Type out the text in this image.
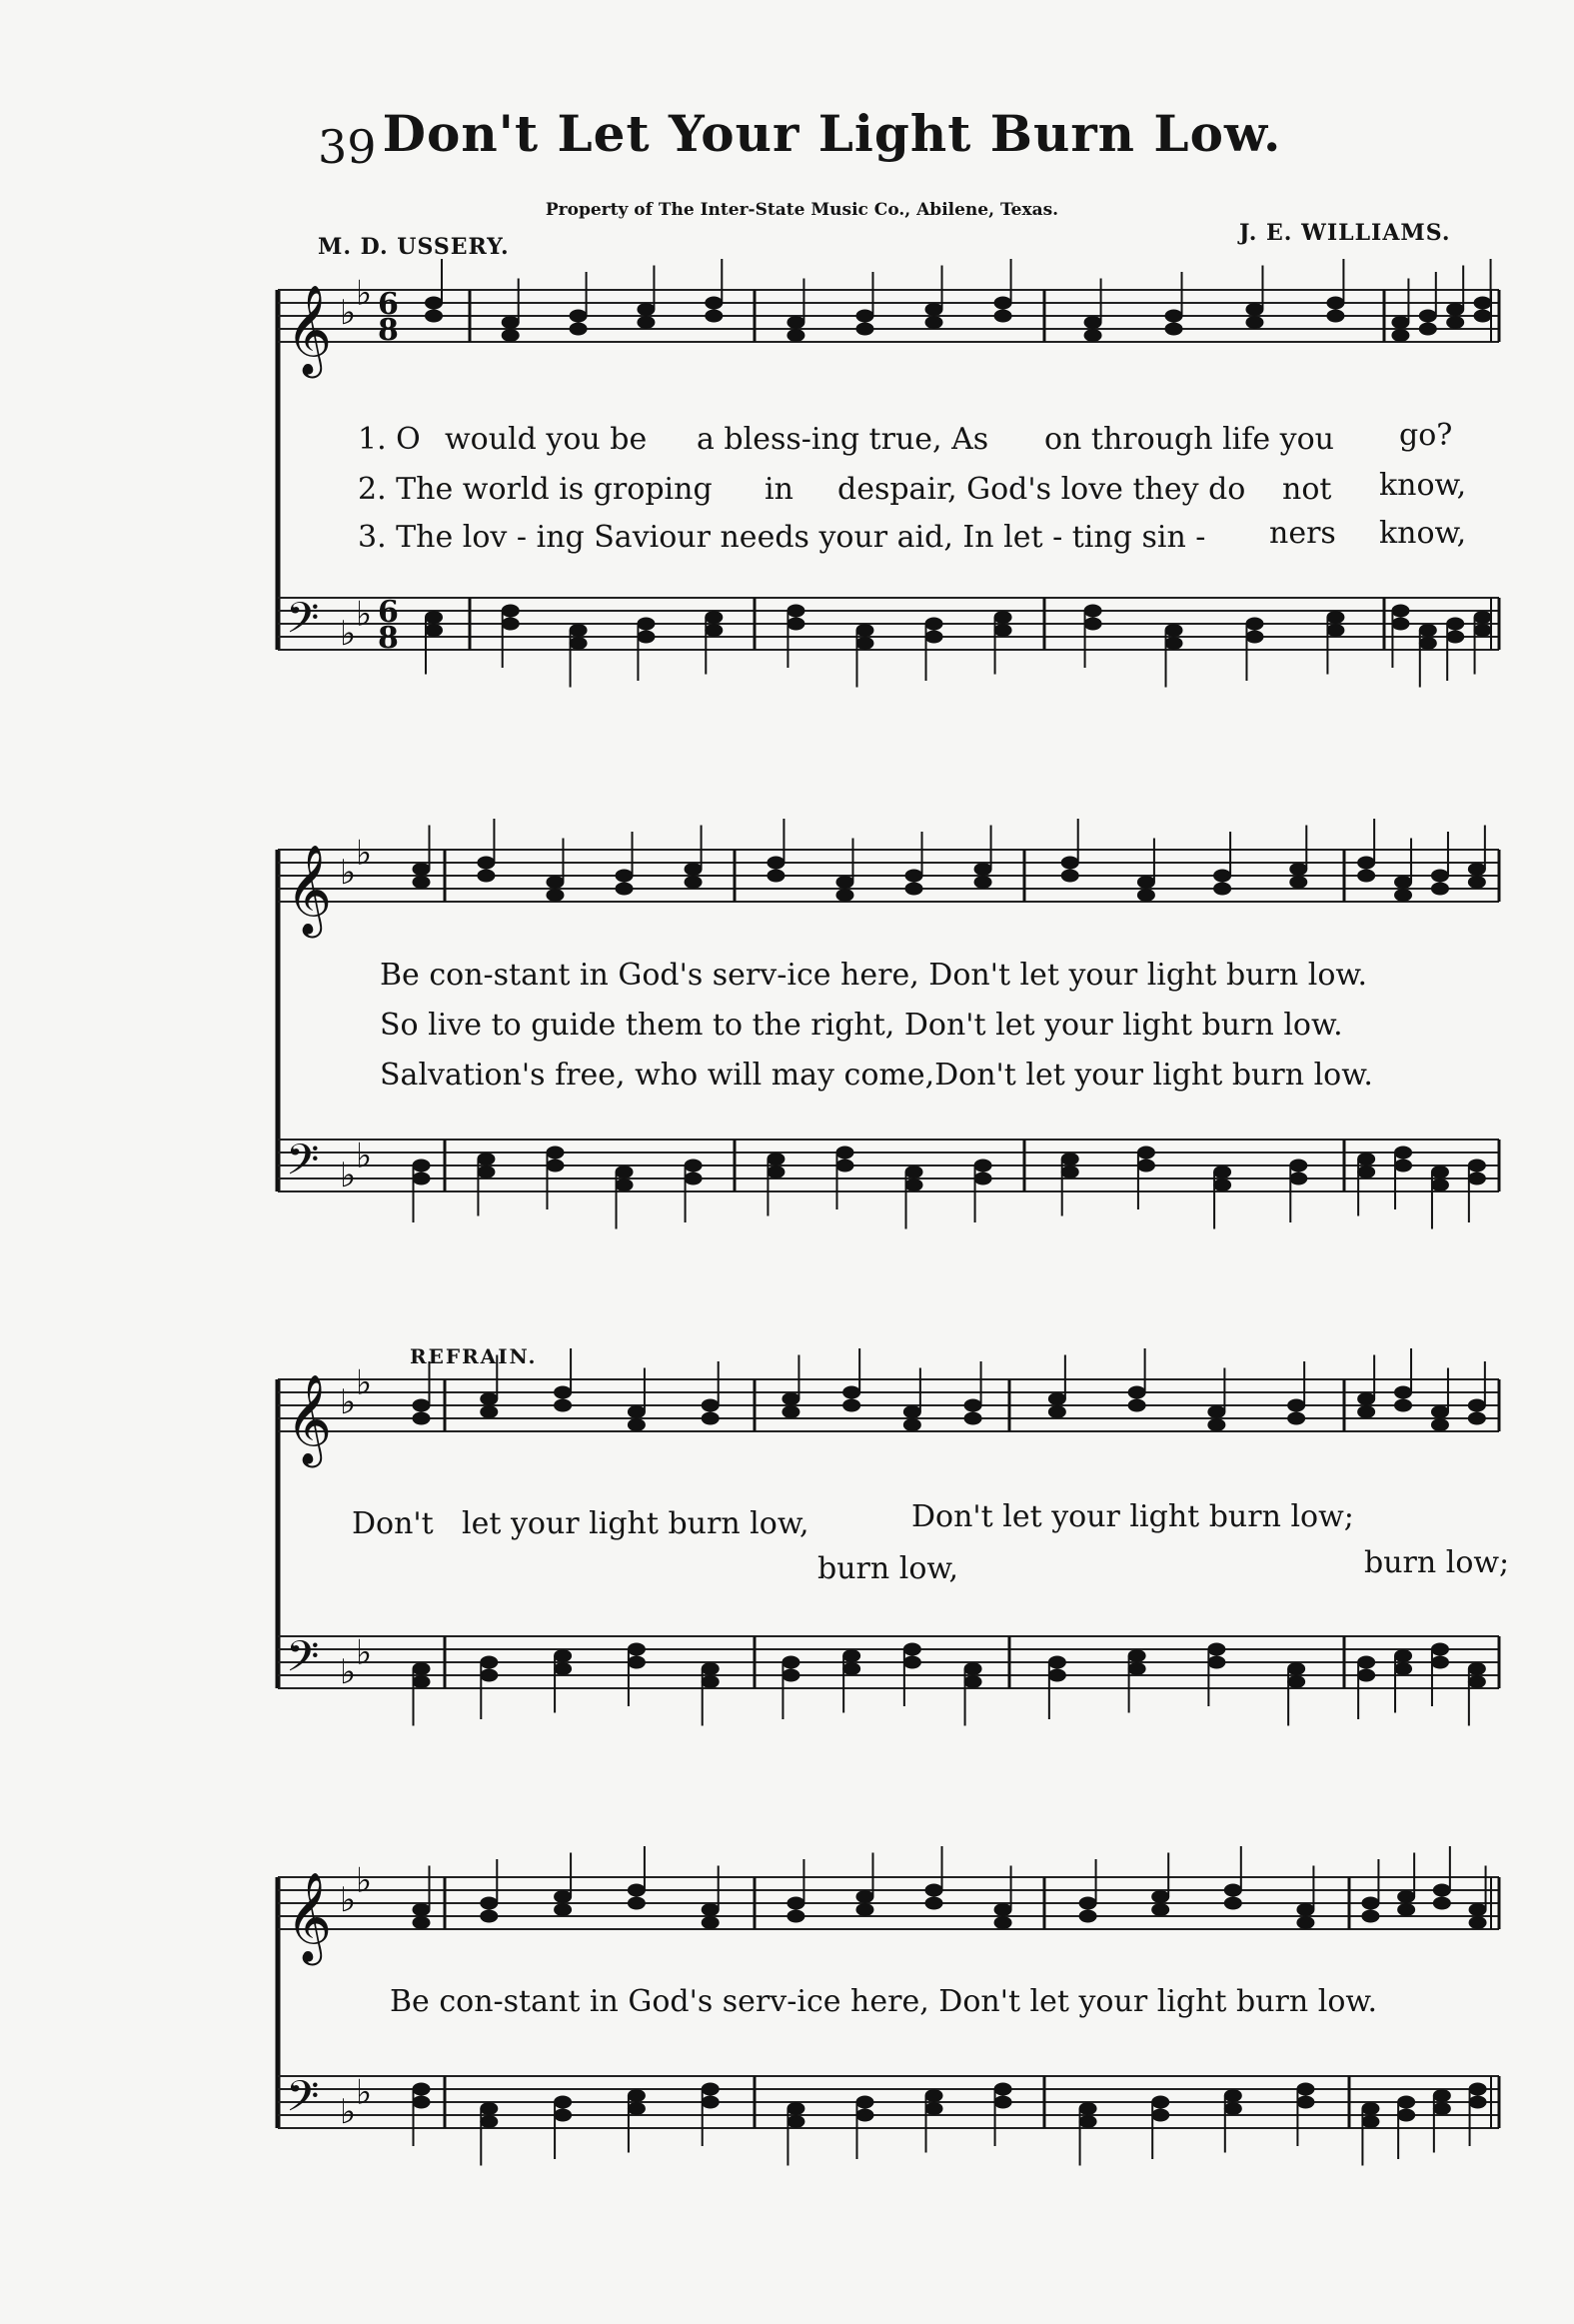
𝄞 ♭ ♭
𝄢 ♭ ♭
6
8
6
8
𝄞 ♭ ♭
𝄢 ♭ ♭
𝄞 ♭ ♭
𝄢 ♭ ♭
𝄞 ♭ ♭
𝄢 ♭ ♭
39 Don't Let Your Light Burn Low.
Property of The Inter-State Music Co., Abilene, Texas.
M. D. USSERY.
J. E. WILLIAMS.
1. O would you be a bless-ing true, As on through life you go?
2. The world is groping in despair, God's love they do not know,
3. The lov - ing Saviour needs your aid, In let - ting sin - ners know,
Be con-stant in God's serv-ice here, Don't let your light burn low.
So live to guide them to the right, Don't let your light burn low.
Salvation's free, who will may come,Don't let your light burn low.
REFRAIN.
Don't let your light burn low,	Don't let your light burn low;
burn low,	burn low;
Be con-stant in God's serv-ice here, Don't let your light burn low.
